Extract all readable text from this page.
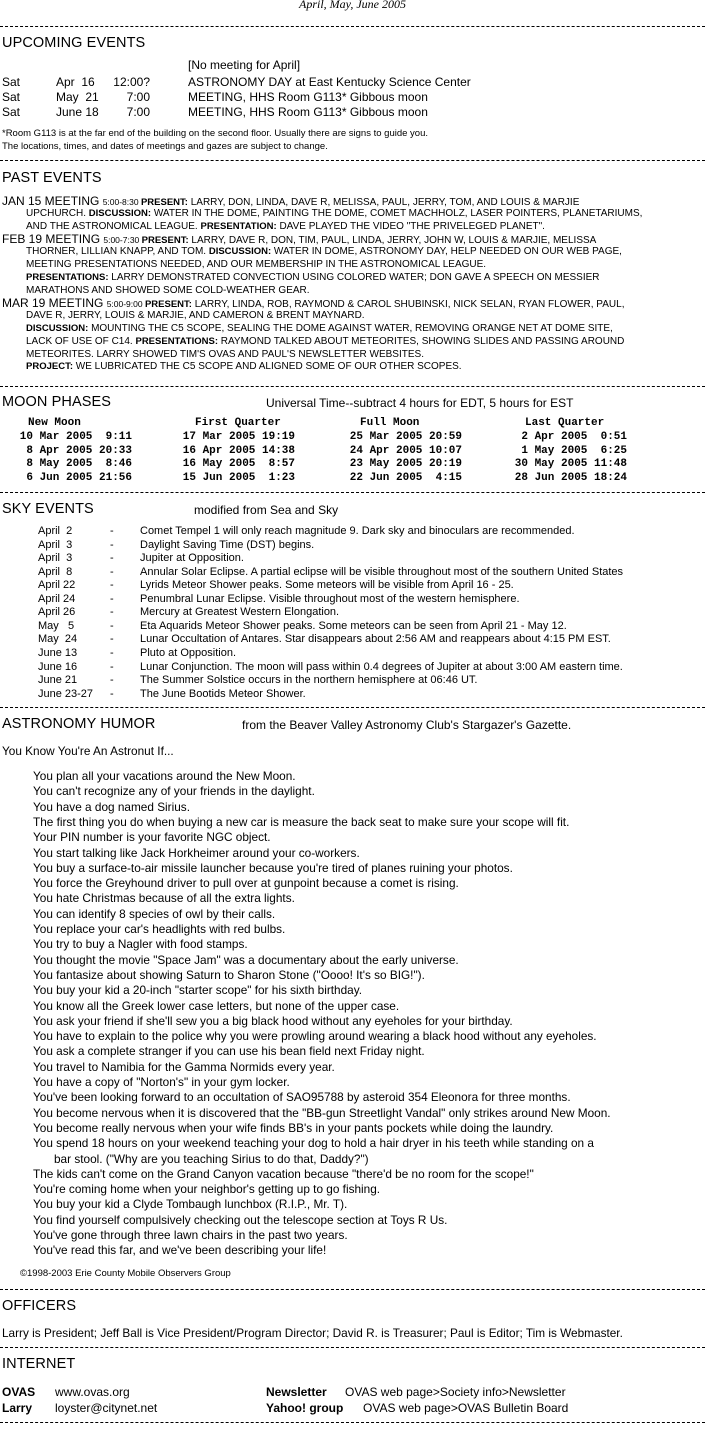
April, May, June 2005
UPCOMING EVENTS
[No meeting for April]
Sat	Apr  16	12:00?	ASTRONOMY DAY at East Kentucky Science Center
Sat	May  21	7:00	MEETING, HHS Room G113* Gibbous moon
Sat	June 18	7:00	MEETING, HHS Room G113* Gibbous moon
*Room G113 is at the far end of the building on the second floor. Usually there are signs to guide you.
The locations, times, and dates of meetings and gazes are subject to change.
PAST EVENTS
JAN 15 MEETING 5:00-8:30 PRESENT: LARRY, DON, LINDA, DAVE R, MELISSA, PAUL, JERRY, TOM, AND LOUIS & MARJIE
UPCHURCH. DISCUSSION: WATER IN THE DOME, PAINTING THE DOME, COMET MACHHOLZ, LASER POINTERS, PLANETARIUMS,
AND THE ASTRONOMICAL LEAGUE. PRESENTATION: DAVE PLAYED THE VIDEO "THE PRIVELEGED PLANET".
FEB 19 MEETING 5:00-7:30 PRESENT: LARRY, DAVE R, DON, TIM, PAUL, LINDA, JERRY, JOHN W, LOUIS & MARJIE, MELISSA
THORNER, LILLIAN KNAPP, AND TOM. DISCUSSION: WATER IN DOME, ASTRONOMY DAY, HELP NEEDED ON OUR WEB PAGE,
MEETING PRESENTATIONS NEEDED, AND OUR MEMBERSHIP IN THE ASTRONOMICAL LEAGUE.
PRESENTATIONS: LARRY DEMONSTRATED CONVECTION USING COLORED WATER; DON GAVE A SPEECH ON MESSIER
MARATHONS AND SHOWED SOME COLD-WEATHER GEAR.
MAR 19 MEETING 5:00-9:00 PRESENT: LARRY, LINDA, ROB, RAYMOND & CAROL SHUBINSKI, NICK SELAN, RYAN FLOWER, PAUL,
DAVE R, JERRY, LOUIS & MARJIE, AND CAMERON & BRENT MAYNARD.
DISCUSSION: MOUNTING THE C5 SCOPE, SEALING THE DOME AGAINST WATER, REMOVING ORANGE NET AT DOME SITE,
LACK OF USE OF C14. PRESENTATIONS: RAYMOND TALKED ABOUT METEORITES, SHOWING SLIDES AND PASSING AROUND
METEORITES. LARRY SHOWED TIM'S OVAS AND PAUL'S NEWSLETTER WEBSITES.
PROJECT: WE LUBRICATED THE C5 SCOPE AND ALIGNED SOME OF OUR OTHER SCOPES.
MOON PHASES	Universal Time--subtract 4 hours for EDT, 5 hours for EST
New Moon	First Quarter	Full Moon	Last Quarter
10 Mar 2005  9:11	17 Mar 2005 19:19	25 Mar 2005 20:59	2 Apr 2005  0:51
8 Apr 2005 20:33	16 Apr 2005 14:38	24 Apr 2005 10:07	1 May 2005  6:25
8 May 2005  8:46	16 May 2005  8:57	23 May 2005 20:19	30 May 2005 11:48
6 Jun 2005 21:56	15 Jun 2005  1:23	22 Jun 2005  4:15	28 Jun 2005 18:24
SKY EVENTS	modified from Sea and Sky
April  2	- Comet Tempel 1 will only reach magnitude 9. Dark sky and binoculars are recommended.
April  3	- Daylight Saving Time (DST) begins.
April  3	- Jupiter at Opposition.
April  8	- Annular Solar Eclipse. A partial eclipse will be visible throughout most of the southern United States
April 22	- Lyrids Meteor Shower peaks. Some meteors will be visible from April 16 - 25.
April 24	- Penumbral Lunar Eclipse. Visible throughout most of the western hemisphere.
April 26	- Mercury at Greatest Western Elongation.
May   5	- Eta Aquarids Meteor Shower peaks. Some meteors can be seen from April 21 - May 12.
May  24	- Lunar Occultation of Antares. Star disappears about 2:56 AM and reappears about 4:15 PM EST.
June 13	- Pluto at Opposition.
June 16	- Lunar Conjunction. The moon will pass within 0.4 degrees of Jupiter at about 3:00 AM eastern time.
June 21	- The Summer Solstice occurs in the northern hemisphere at 06:46 UT.
June 23-27 - The June Bootids Meteor Shower.
ASTRONOMY HUMOR	from the Beaver Valley Astronomy Club's Stargazer's Gazette.
You Know You're An Astronut If...
You plan all your vacations around the New Moon.
You can't recognize any of your friends in the daylight.
You have a dog named Sirius.
The first thing you do when buying a new car is measure the back seat to make sure your scope will fit.
Your PIN number is your favorite NGC object.
You start talking like Jack Horkheimer around your co-workers.
You buy a surface-to-air missile launcher because you're tired of planes ruining your photos.
You force the Greyhound driver to pull over at gunpoint because a comet is rising.
You hate Christmas because of all the extra lights.
You can identify 8 species of owl by their calls.
You replace your car's headlights with red bulbs.
You try to buy a Nagler with food stamps.
You thought the movie "Space Jam" was a documentary about the early universe.
You fantasize about showing Saturn to Sharon Stone ("Oooo! It's so BIG!").
You buy your kid a 20-inch "starter scope" for his sixth birthday.
You know all the Greek lower case letters, but none of the upper case.
You ask your friend if she'll sew you a big black hood without any eyeholes for your birthday.
You have to explain to the police why you were prowling around wearing a black hood without any eyeholes.
You ask a complete stranger if you can use his bean field next Friday night.
You travel to Namibia for the Gamma Normids every year.
You have a copy of "Norton's" in your gym locker.
You've been looking forward to an occultation of SAO95788 by asteroid 354 Eleonora for three months.
You become nervous when it is discovered that the "BB-gun Streetlight Vandal" only strikes around New Moon.
You become really nervous when your wife finds BB's in your pants pockets while doing the laundry.
You spend 18 hours on your weekend teaching your dog to hold a hair dryer in his teeth while standing on a
bar stool. ("Why are you teaching Sirius to do that, Daddy?")
The kids can't come on the Grand Canyon vacation because "there'd be no room for the scope!"
You're coming home when your neighbor's getting up to go fishing.
You buy your kid a Clyde Tombaugh lunchbox (R.I.P., Mr. T).
You find yourself compulsively checking out the telescope section at Toys R Us.
You've gone through three lawn chairs in the past two years.
You've read this far, and we've been describing your life!
©1998-2003 Erie County Mobile Observers Group
OFFICERS
Larry is President; Jeff Ball is Vice President/Program Director; David R. is Treasurer; Paul is Editor; Tim is Webmaster.
INTERNET
OVAS www.ovas.org	Newsletter OVAS web page>Society info>Newsletter
Larry loyster@citynet.net	Yahoo! group OVAS web page>OVAS Bulletin Board
